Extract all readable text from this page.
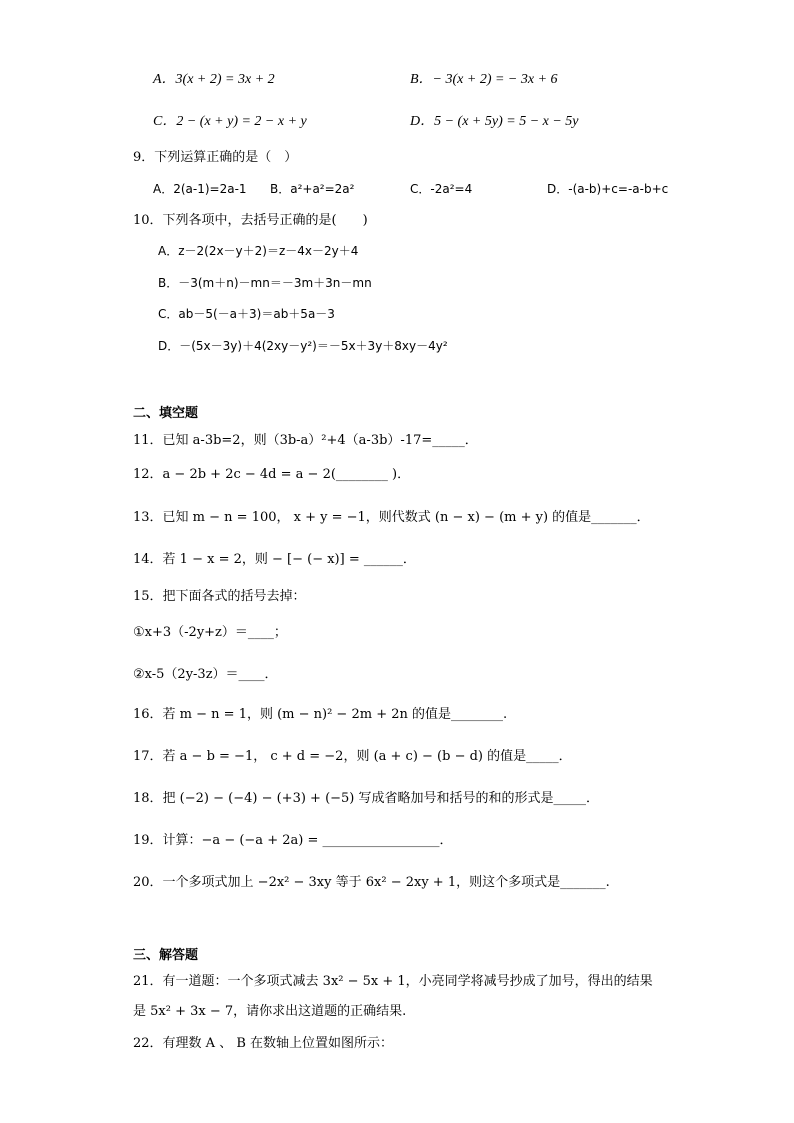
A．3(x + 2) = 3x + 2	B．− 3(x + 2) = − 3x + 6
C．2 − (x + y) = 2 − x + y	D．5 − (x + 5y) = 5 − x − 5y
9．下列运算正确的是（　）
A．2(a-1)=2a-1 B．a²+a²=2a²	C．-2a²=4	D．-(a-b)+c=-a-b+c
10．下列各项中，去括号正确的是(　　)
A．z－2(2x－y＋2)＝z－4x－2y＋4
B．－3(m＋n)－mn＝－3m＋3n－mn
C．ab－5(－a＋3)＝ab＋5a－3
D．－(5x－3y)＋4(2xy－y²)＝－5x＋3y＋8xy－4y²
二、填空题
11．已知 a-3b=2，则（3b-a）²+4（a-3b）-17=_____．
12．a − 2b + 2c − 4d = a − 2(________ )．
13．已知 m − n = 100， x + y = −1，则代数式 (n − x) − (m + y) 的值是_______．
14．若 1 − x = 2，则 − [− (− x)] = ______．
15．把下面各式的括号去掉：
①x+3（-2y+z）＝____；
②x-5（2y-3z）＝____．
16．若 m − n = 1，则 (m − n)² − 2m + 2n 的值是________.
17．若 a − b = −1， c + d = −2，则 (a + c) − (b − d) 的值是_____．
18．把 (−2) − (−4) − (+3) + (−5) 写成省略加号和括号的和的形式是_____．
19．计算：−a − (−a + 2a) = __________________．
20．一个多项式加上 −2x² − 3xy 等于 6x² − 2xy + 1，则这个多项式是_______.
三、解答题
21．有一道题：一个多项式减去 3x² − 5x + 1，小亮同学将减号抄成了加号，得出的结果
是 5x² + 3x − 7，请你求出这道题的正确结果.
22．有理数 A 、 B 在数轴上位置如图所示：
